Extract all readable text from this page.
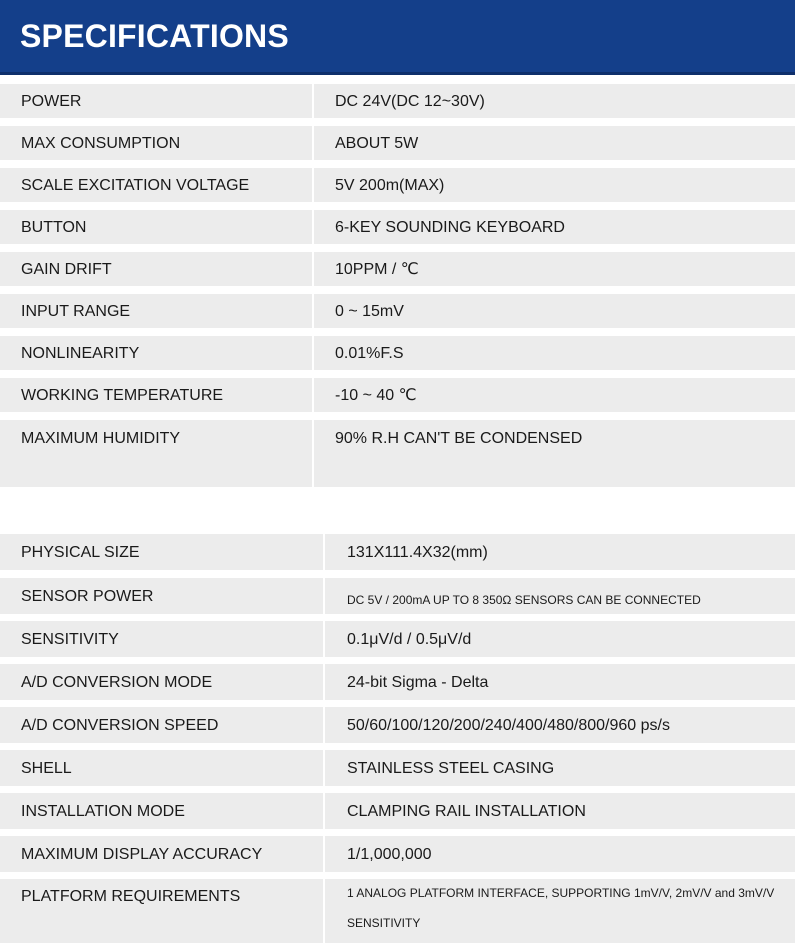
SPECIFICATIONS
POWER	DC 24V(DC 12~30V)
MAX CONSUMPTION	ABOUT 5W
SCALE EXCITATION VOLTAGE	5V 200m(MAX)
BUTTON	6-KEY SOUNDING KEYBOARD
GAIN DRIFT	10PPM / ℃
INPUT RANGE	0 ~ 15mV
NONLINEARITY	0.01%F.S
WORKING TEMPERATURE	-10 ~ 40 ℃
MAXIMUM HUMIDITY	90% R.H CAN'T BE CONDENSED
PHYSICAL SIZE	131X111.4X32(mm)
SENSOR POWER	DC 5V / 200mA UP TO 8 350Ω SENSORS CAN BE CONNECTED
SENSITIVITY	0.1μV/d / 0.5μV/d
A/D CONVERSION MODE	24-bit Sigma - Delta
A/D CONVERSION SPEED	50/60/100/120/200/240/400/480/800/960 ps/s
SHELL	STAINLESS STEEL CASING
INSTALLATION MODE	CLAMPING RAIL INSTALLATION
MAXIMUM DISPLAY ACCURACY	1/1,000,000
PLATFORM REQUIREMENTS	1 ANALOG PLATFORM INTERFACE, SUPPORTING 1mV/V, 2mV/V and 3mV/V SENSITIVITY
